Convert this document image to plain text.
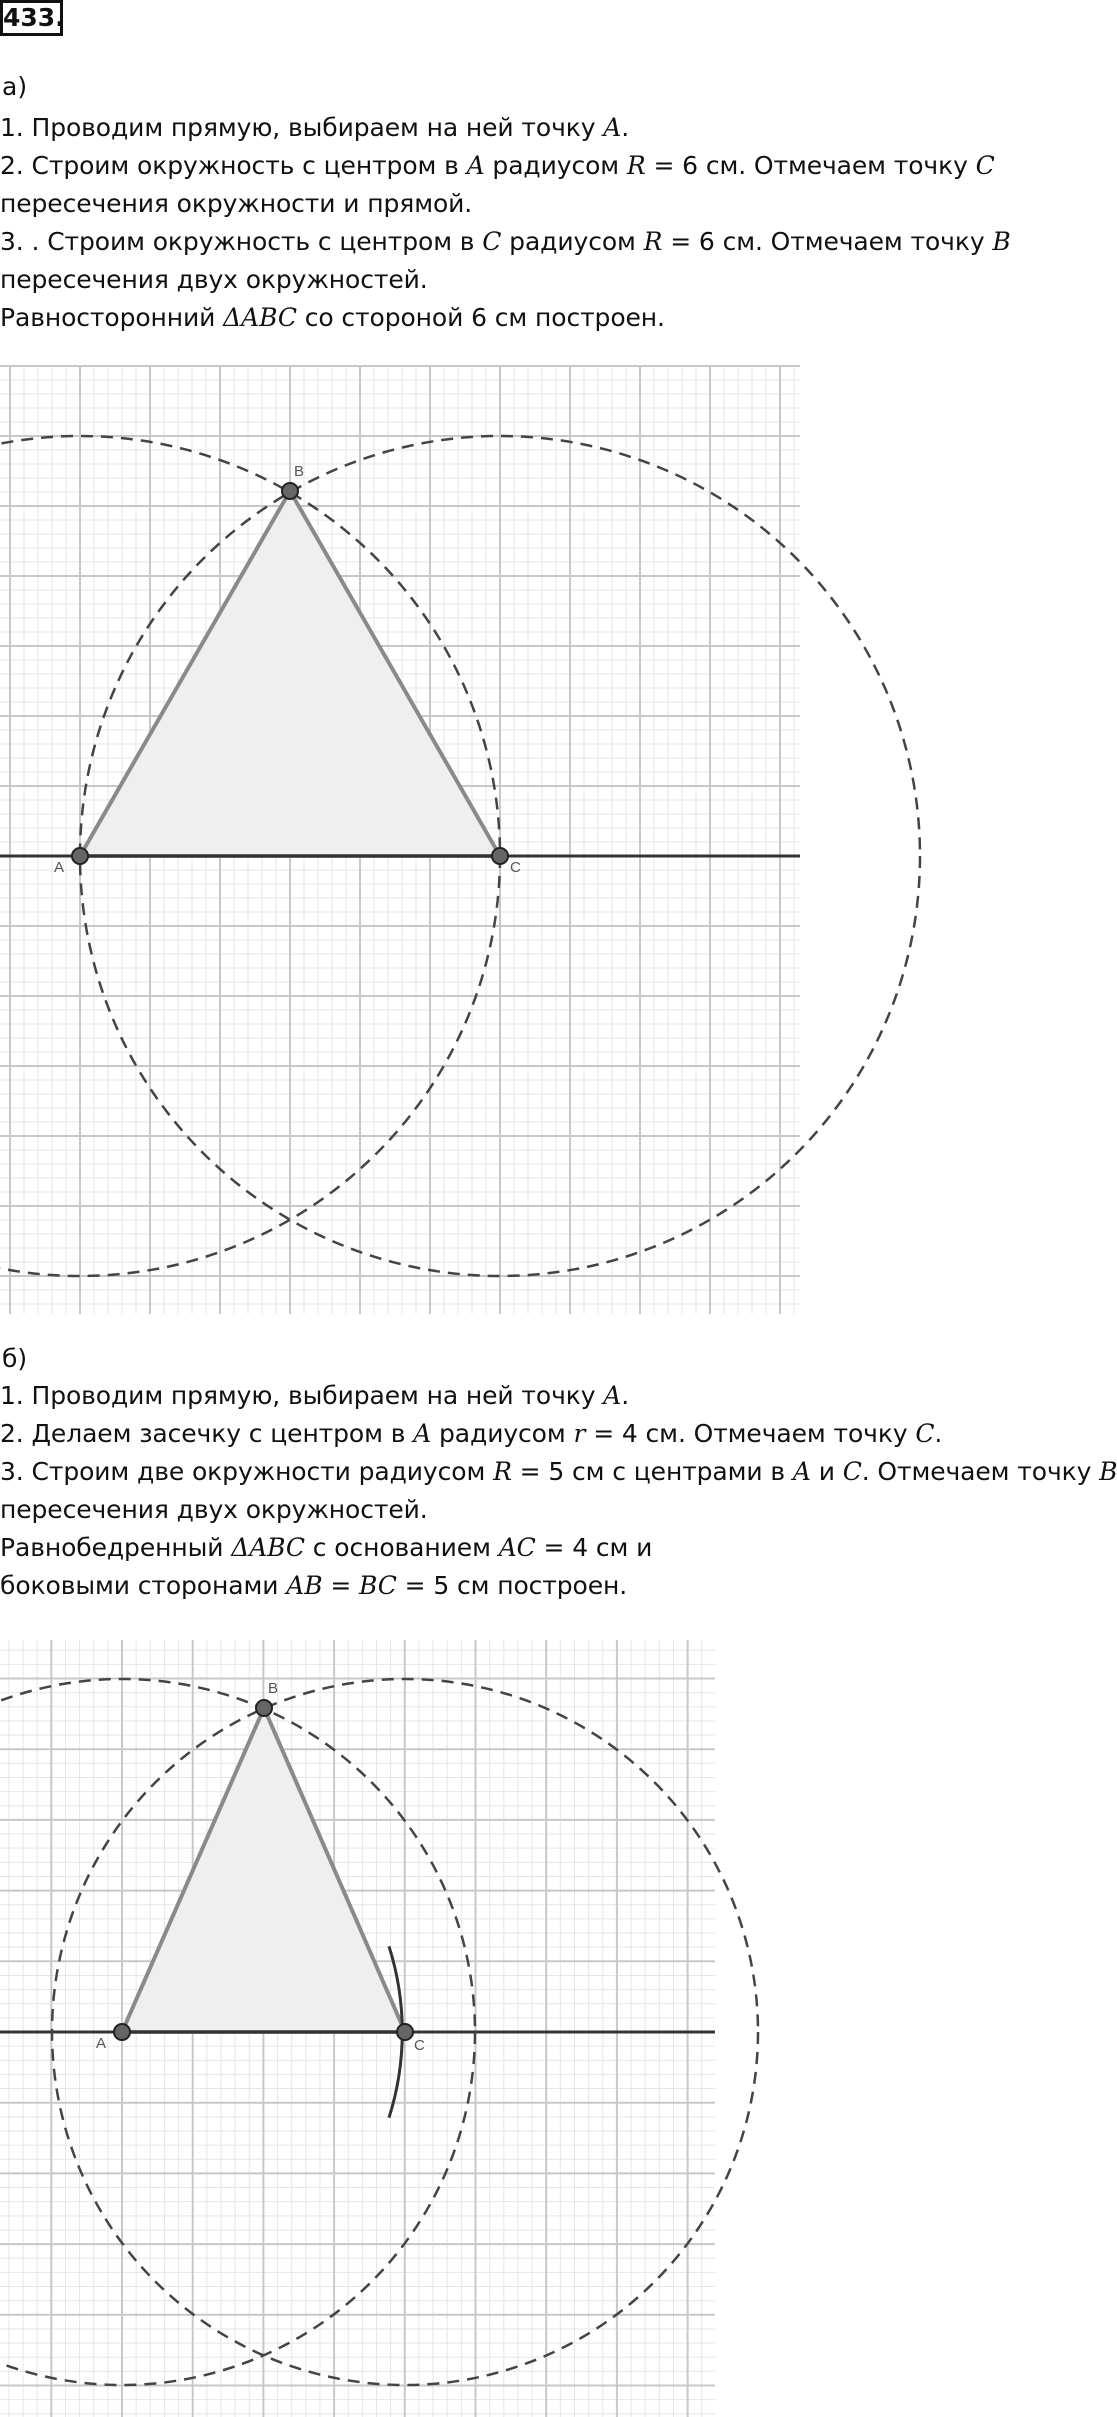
433.
а)
1. Проводим прямую, выбираем на ней точку A.
2. Строим окружность с центром в A радиусом R = 6 см. Отмечаем точку C
пересечения окружности и прямой.
3. . Строим окружность с центром в C радиусом R = 6 см. Отмечаем точку B
пересечения двух окружностей.
Равносторонний ΔABC со стороной 6 см построен.
A	C
B
б)
1. Проводим прямую, выбираем на ней точку A.
2. Делаем засечку с центром в A радиусом r = 4 см. Отмечаем точку C.
3. Строим две окружности радиусом R = 5 см с центрами в A и C. Отмечаем точку B
пересечения двух окружностей.
Равнобедренный ΔABC с основанием AC = 4 см и
боковыми сторонами AB = BC = 5 см построен.
A	C
B
